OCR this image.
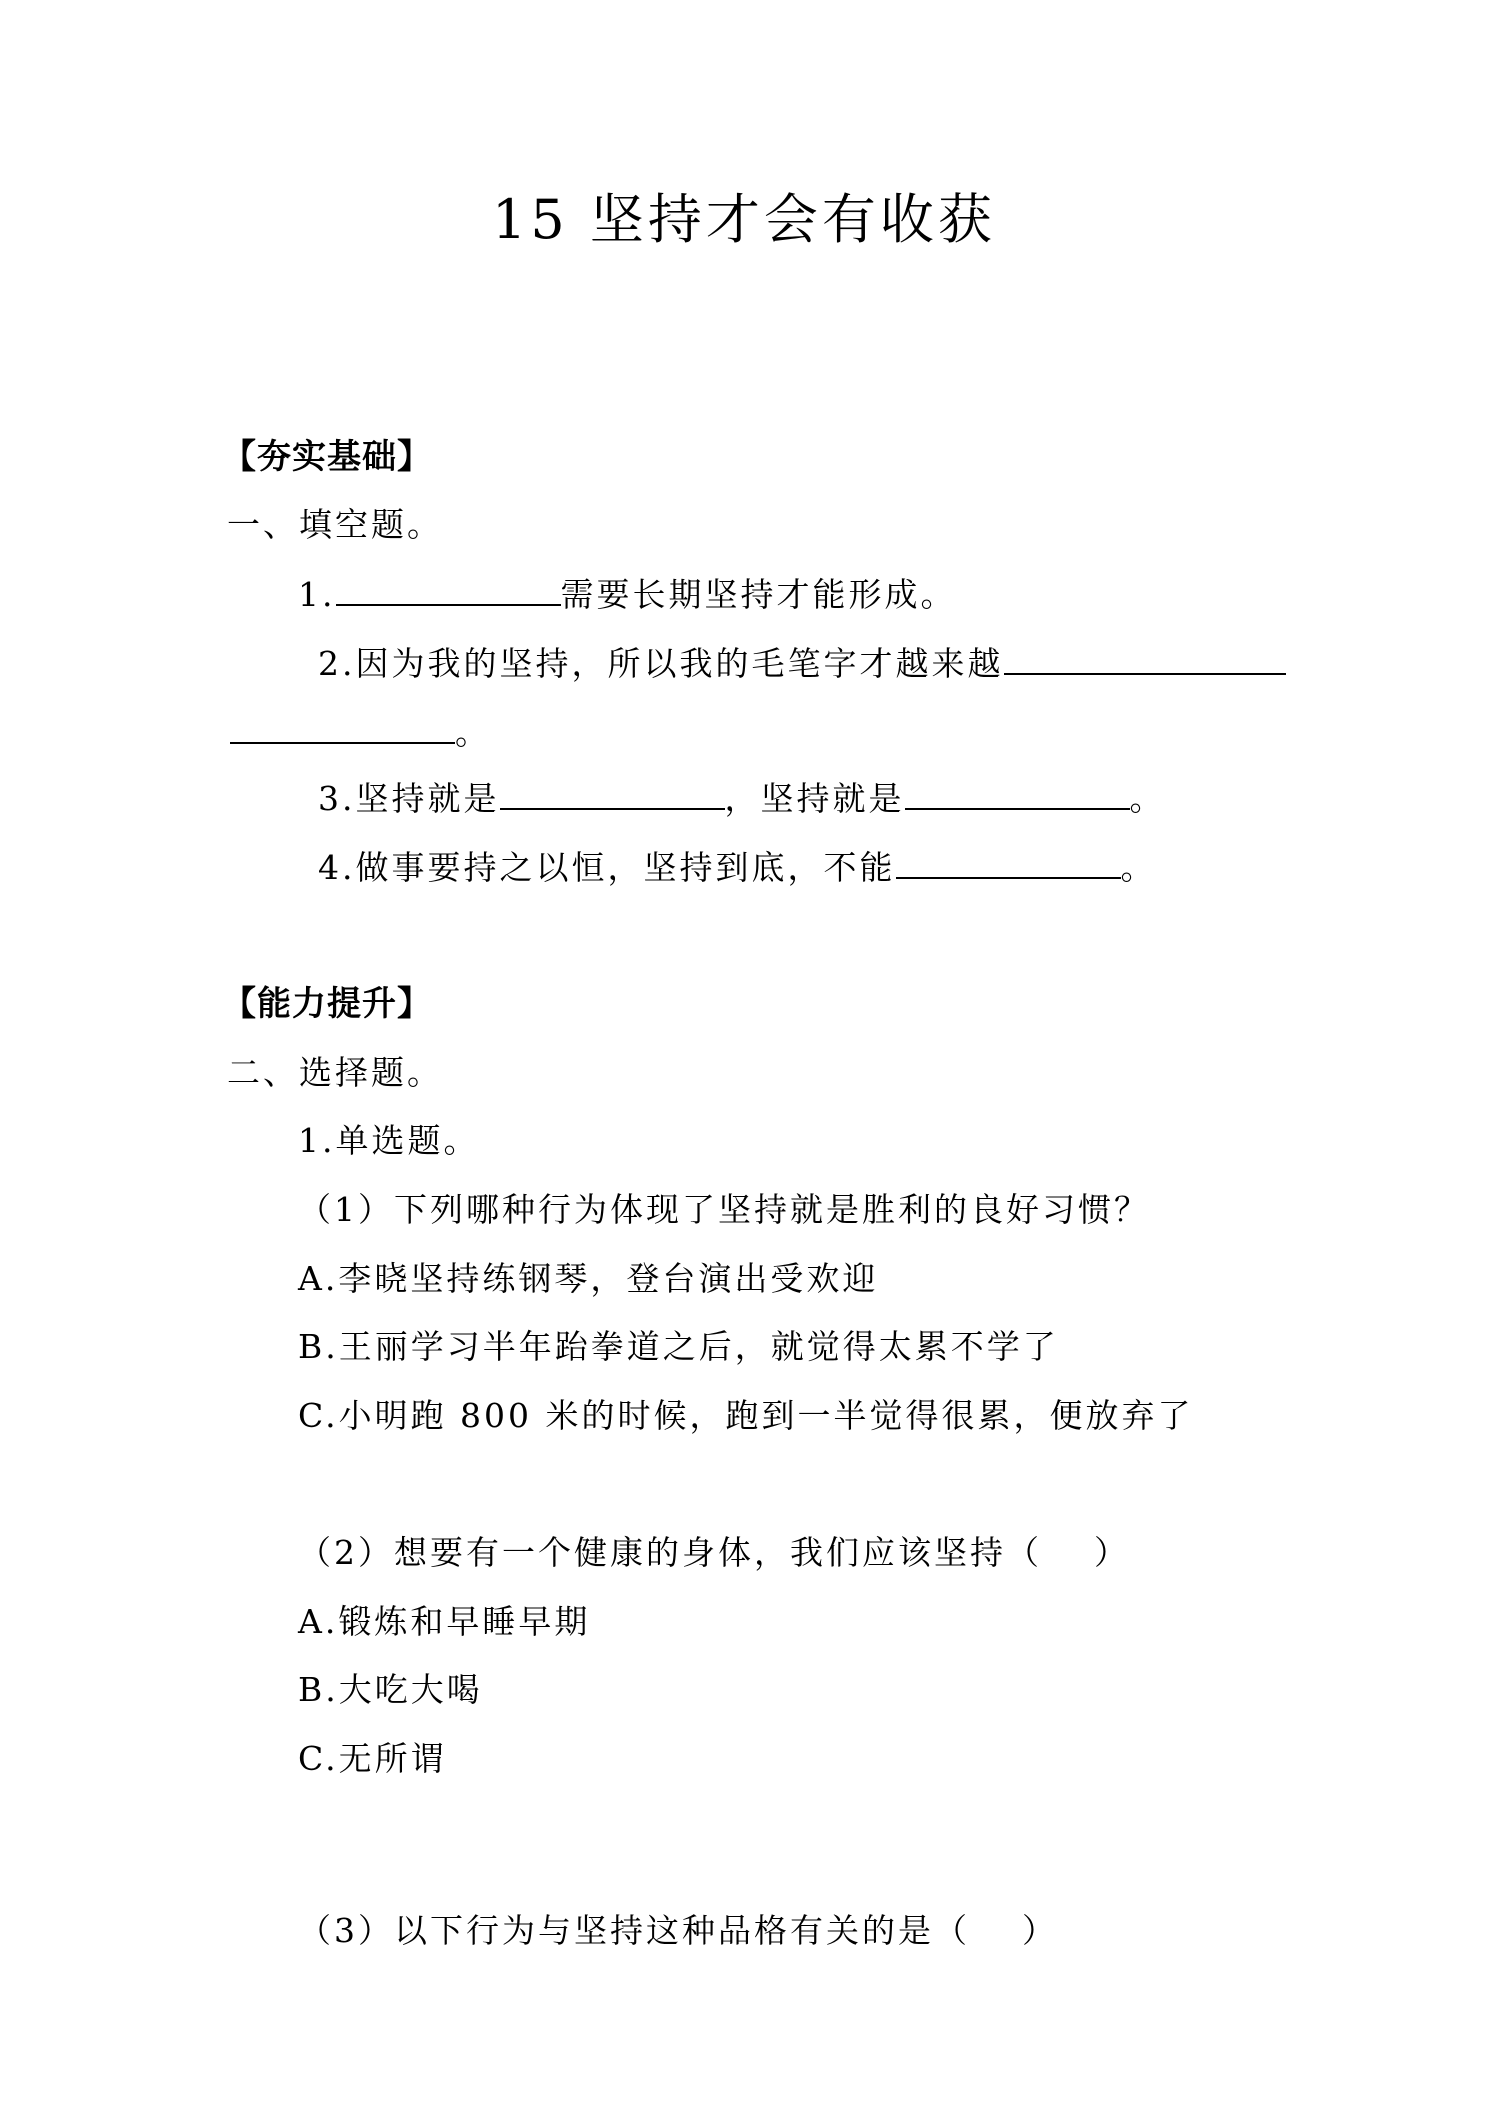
15 坚持才会有收获
【夯实基础】
一、填空题。
1.	需要长期坚持才能形成。
2.因为我的坚持，所以我的毛笔字才越来越
。
3.坚持就是	，坚持就是	。
4.做事要持之以恒，坚持到底，不能	。
【能力提升】
二、选择题。
1.单选题。
（1）下列哪种行为体现了坚持就是胜利的良好习惯？
A.李晓坚持练钢琴，登台演出受欢迎
B.王丽学习半年跆拳道之后，就觉得太累不学了
C.小明跑 800 米的时候，跑到一半觉得很累，便放弃了
（2）想要有一个健康的身体，我们应该坚持（ ）
A.锻炼和早睡早期
B.大吃大喝
C.无所谓
（3）以下行为与坚持这种品格有关的是（ ）
